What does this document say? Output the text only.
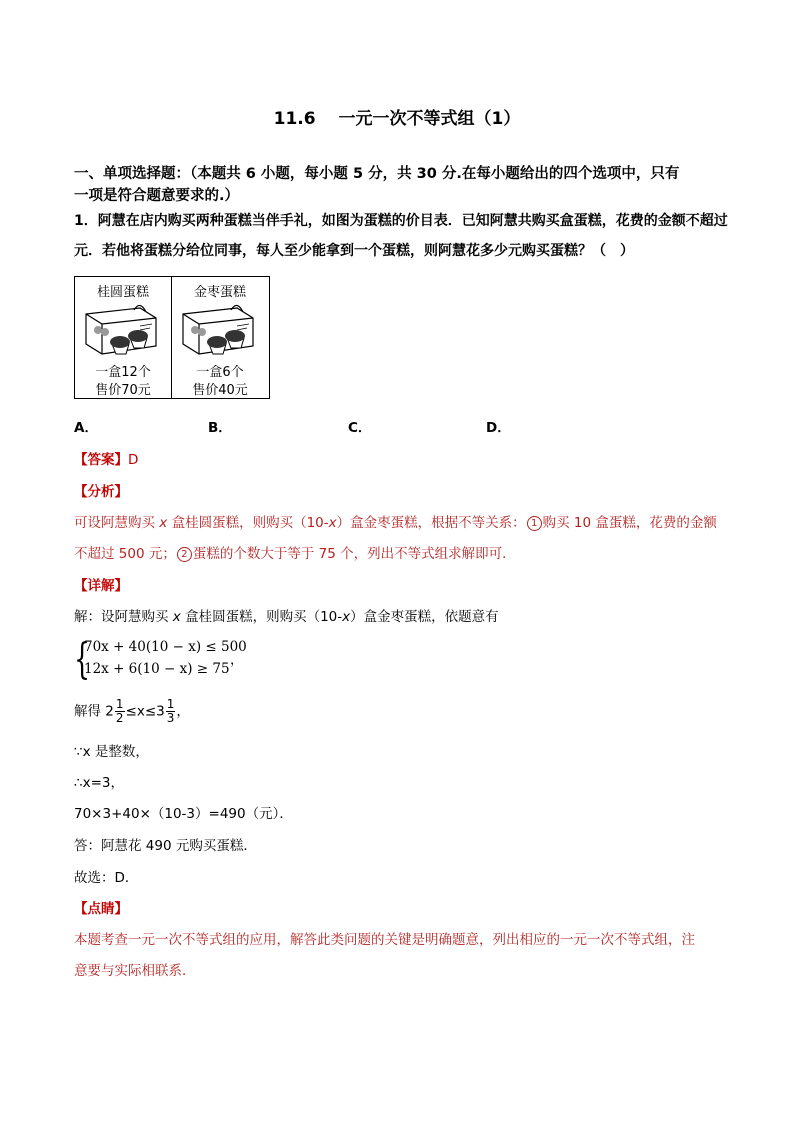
11.6　 一元一次不等式组（1）
一、单项选择题：（本题共 6 小题，每小题 5 分，共 30 分.在每小题给出的四个选项中，只有
一项是符合题意要求的.）
1．阿慧在店内购买两种蛋糕当伴手礼，如图为蛋糕的价目表．已知阿慧共购买盒蛋糕，花费的金额不超过
元．若他将蛋糕分给位同事，每人至少能拿到一个蛋糕，则阿慧花多少元购买蛋糕？（　）
桂圆蛋糕
一盒12个
售价70元
金枣蛋糕
一盒6个
售价40元
A．	B．	C．	D．
【答案】D
【分析】
可设阿慧购买 x 盒桂圆蛋糕，则购买（10-x）盒金枣蛋糕，根据不等关系： 1 购买 10 盒蛋糕，花费的金额
不超过 500 元； 2 蛋糕的个数大于等于 75 个，列出不等式组求解即可．
【详解】
解：设阿慧购买 x 盒桂圆蛋糕，则购买（10-x）盒金枣蛋糕，依题意有
{
70x + 40(10 − x) ≤ 500
12x + 6(10 − x) ≥ 75
，
解得 $2 \frac{1}{2} \le x\le 3 \frac{1}{3}$ ，
∵x 是整数，
∴x=3，
70×3+40×（10-3）=490（元）．
答：阿慧花 490 元购买蛋糕．
故选：D．
【点睛】
本题考查一元一次不等式组的应用，解答此类问题的关键是明确题意，列出相应的一元一次不等式组，注
意要与实际相联系．
